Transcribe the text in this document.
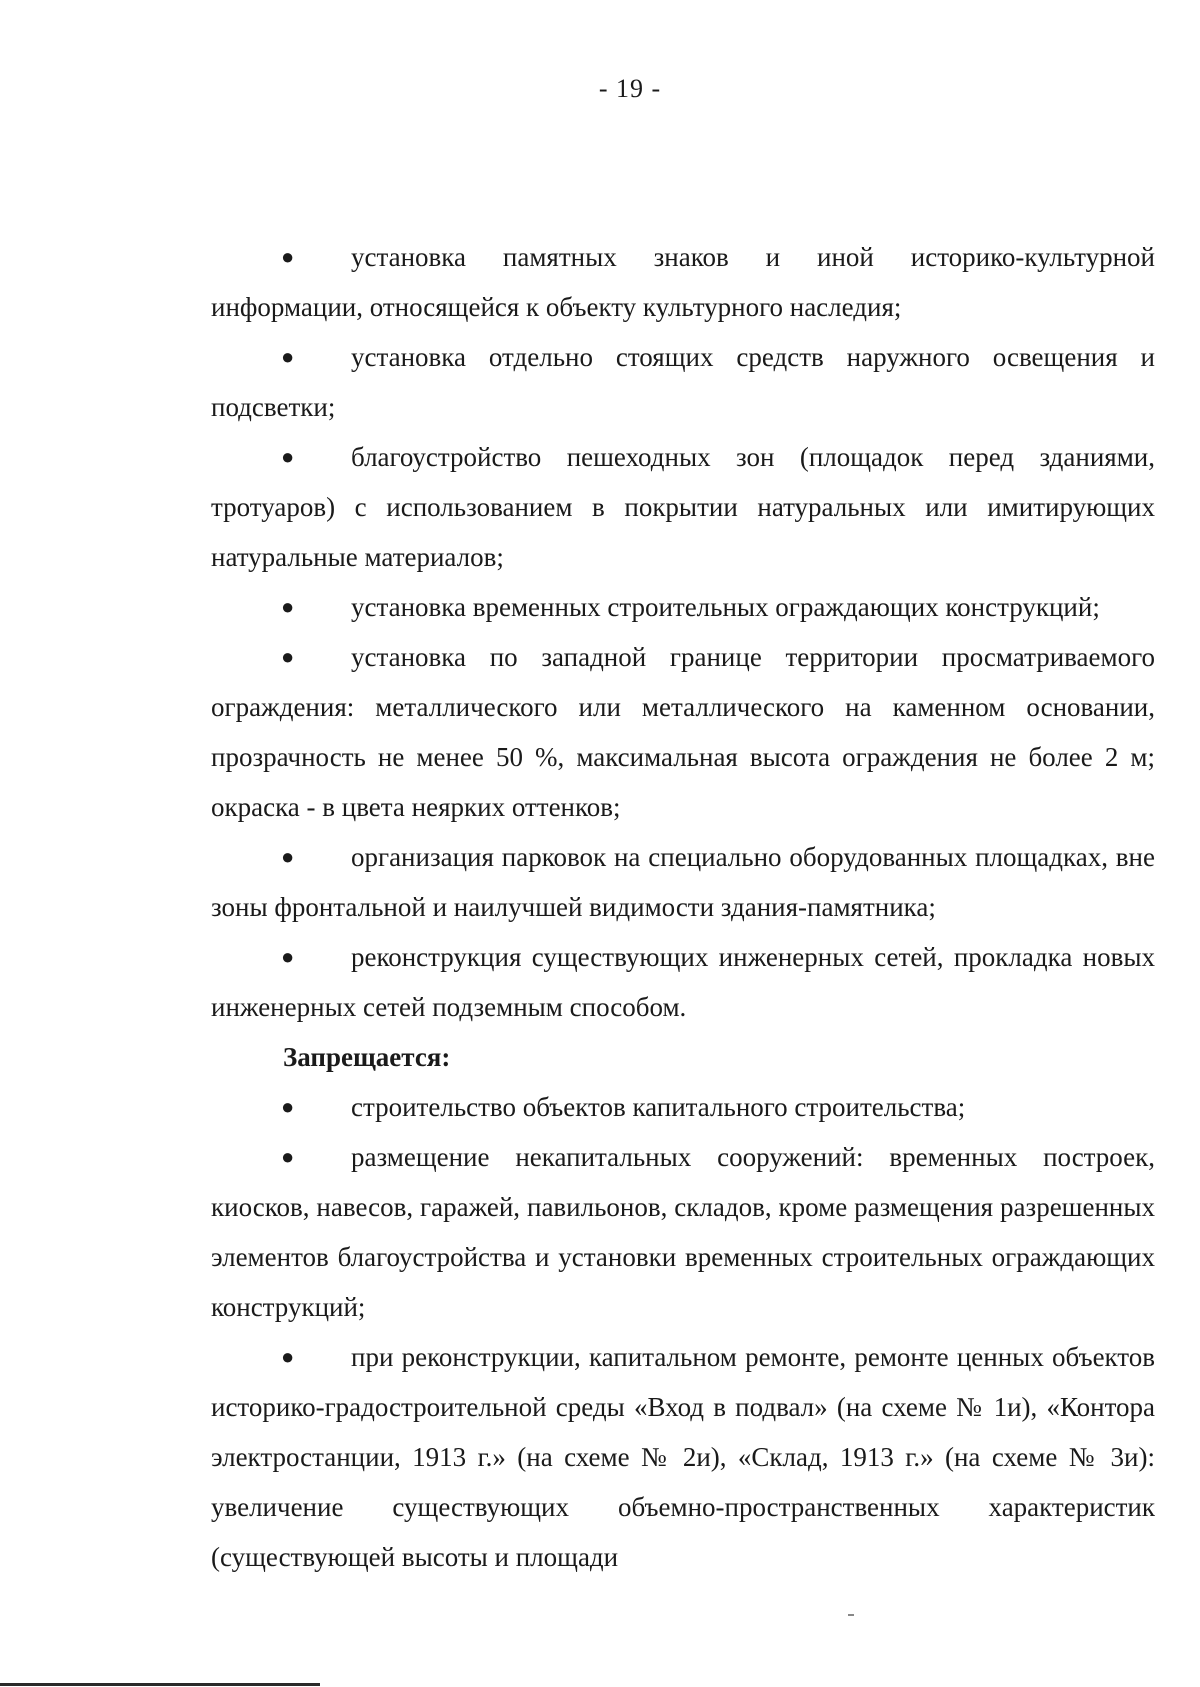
- 19 -

● установка памятных знаков и иной историко-культурной информации, относящейся к объекту культурного наследия;

● установка отдельно стоящих средств наружного освещения и подсветки;

● благоустройство пешеходных зон (площадок перед зданиями, тротуаров) с использованием в покрытии натуральных или имитирующих натуральные материалов;

● установка временных строительных ограждающих конструкций;

● установка по западной границе территории просматриваемого ограждения: металлического или металлического на каменном основании, прозрачность не менее 50 %, максимальная высота ограждения не более 2 м; окраска - в цвета неярких оттенков;

● организация парковок на специально оборудованных площадках, вне зоны фронтальной и наилучшей видимости здания-памятника;

● реконструкция существующих инженерных сетей, прокладка новых инженерных сетей подземным способом.

Запрещается:

● строительство объектов капитального строительства;

● размещение некапитальных сооружений: временных построек, киосков, навесов, гаражей, павильонов, складов, кроме размещения разрешенных элементов благоустройства и установки временных строительных ограждающих конструкций;

● при реконструкции, капитальном ремонте, ремонте ценных объектов историко-градостроительной среды «Вход в подвал» (на схеме № 1и), «Контора электростанции, 1913 г.» (на схеме № 2и), «Склад, 1913 г.» (на схеме № 3и): увеличение существующих объемно-пространственных характеристик (существующей высоты и площади
